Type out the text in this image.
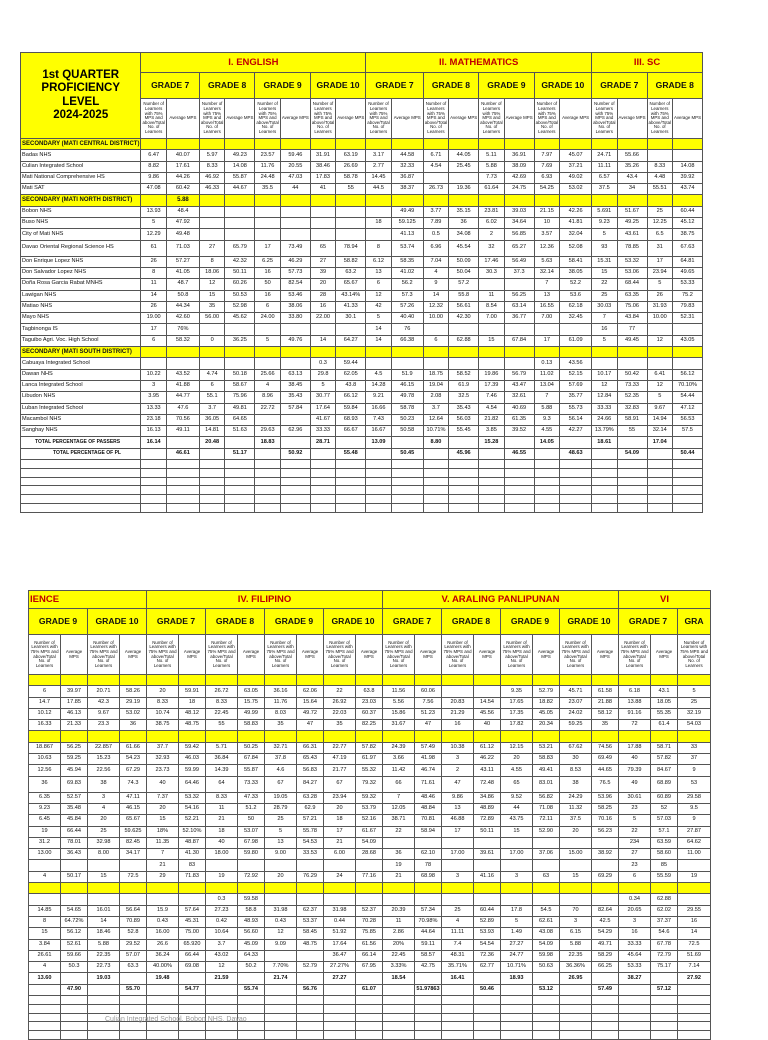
1st QUARTER
PROFICIENCY LEVEL
2024-2025	I. ENGLISH								II. MATHEMATICS								III. SC			
	GRADE 7		GRADE 8		GRADE 9		GRADE 10		GRADE 7		GRADE 8		GRADE 9		GRADE 10		GRADE 7		GRADE 8	
	Number of Learners with 75% MPS and above/Total No. of Learners	Average MPS	Number of Learners with 75% MPS and above/Total No. of Learners	Average MPS	Number of Learners with 75% MPS and above/Total No. of Learners	Average MPS	Number of Learners with 75% MPS and above/Total No. of Learners	Average MPS	Number of Learners with 75% MPS and above/Total No. of Learners	Average MPS	Number of Learners with 75% MPS and above/Total No. of Learners	Average MPS	Number of Learners with 75% MPS and above/Total No. of Learners	Average MPS	Number of Learners with 75% MPS and above/Total No. of Learners	Average MPS	Number of Learners with 75% MPS and above/Total No. of Learners	Average MPS	Number of Learners with 75% MPS and above/Total No. of Learners	Average MPS
SECONDARY (MATI CENTRAL DISTRICT)																				
Badas NHS	6.47	40.07	5.97	49.23	23.57	59.46	31.91	63.19	3.17	44.58	6.71	44.05	5.11	36.91	7.97	45.07	24.71	55.66		
Culian Integrated School	8.82	17.61	8.33	14.08	11.76	20.55	38.46	26.69	2.77	32.33	4.54	25.45	5.88	38.09	7.69	37.21	11.11	35.26	8.33	14.08
Mati National Comprehensive HS	9.86	44.26	46.92	55.87	24.48	47.03	17.83	58.78	14.45	36.87			7.73	42.69	6.93	49.02	6.57	43.4	4.48	39.92
Mati SAT	47.08	60.42	46.33	44.67	35.5	44	41	55	44.5	38.37	26.73	19.36	61.64	24.75	54.25	53.02	37.5	34	55.51	43.74
SECONDARY (MATI NORTH DISTRICT)		5.88																		
Bobon NHS	13.93	48.4								49.49	3.77	35.15	23.81	39.03	21.15	42.26	5.691	51.67	25	60.44
Buso NHS	5	47.92							18	59.125	7.89	36	6.02	34.64	10	41.81	9.23	49.25	12.25	45.12
City of Mati NHS	12.29	49.48								41.13	0.5	34.08	2	56.85	3.57	32.04	5	43.61	6.5	38.75
Davao Oriental Regional Science HS	61	71.03	27	65.79	17	73.49	65	78.94	8	53.74	6.96	45.54	32	65.27	12.36	52.08	93	78.85	31	67.63
Don Enrique Lopez NHS	26	57.27	8	42.32	6.25	46.29	27	58.82	6.12	58.35	7.04	50.09	17.46	56.49	5.63	58.41	15.31	53.32	17	64.81
Don Salvador Lopez NHS	8	41.05	18.06	50.11	16	57.73	39	63.2	13	41.02	4	50.04	30.3	37.3	32.14	38.05	15	53.06	23.94	49.65
Doña Rosa Garcia Rabat MNHS	11	48.7	12	60.26	50	82.54	20	65.67	6	56.2	9	57.2			7	52.2	22	68.44	5	53.33
Lawigan NHS	14	50.8	15	50.53	16	53.46	28	43.14%	12	57.3	14	55.8	11	56.25	13	53.6	25	63.35	26	75.2
Matiao NHS	26	44.34	35	52.98	6	38.06	16	41.33	42	57.26	12.32	56.61	8.54	63.14	16.55	62.18	30.03	75.06	31.93	79.83
Mayo NHS	19.00	42.60	56.00	45.62	24.00	33.80	22.00	30.1	5	40.40	10.00	42.30	7.00	36.77	7.00	32.45	7	43.84	10.00	52.31
Tagbinonga IS	17	76%							14	76							16	77		
Taguibo Agri. Voc. High School	6	58.32	0	36.25	5	49.76	14	64.27	14	66.38	6	62.88	15	67.84	17	61.09	5	49.45	12	43.05
SECONDARY (MATI SOUTH DISTRICT)																				
Cabuaya Integrated School							0.3	59.44							0.13	43.56				
Dawan NHS	10.22	43.52	4.74	50.18	25.66	63.13	29.8	62.05	4.5	51.9	18.75	58.52	19.86	56.79	11.02	52.15	10.17	50.42	6.41	56.12
Lanca Integrated School	3	41.88	6	58.67	4	38.45	5	43.8	14.28	46.15	19.04	61.9	17.39	43.47	13.04	57.69	12	73.33	12	70.10%
Libudon NHS	3.95	44.77	55.1	75.96	8.96	35.43	30.77	66.12	9.21	49.78	2.08	32.5	7.46	32.61	7	35.77	12.84	52.35	5	54.44
Luban Integrated School	13.33	47.6	3.7	49.81	22.72	57.84	17.64	59.84	16.66	58.78	3.7	35.43	4.54	40.69	5.88	55.73	33.33	32.83	9.67	47.12
Macambol NHS	23.18	70.56	36.05	64.65			41.67	68.93	7.43	50.23	12.64	56.03	21.82	61.35	9.3	56.14	24.66	58.91	14.94	56.53
Sanghay NHS	16.13	49.11	14.81	51.63	29.63	62.96	33.33	66.67	16.67	50.58	10.71%	55.45	3.85	39.52	4.55	42.27	13.79%	55	32.14	57.5
TOTAL PERCENTAGE OF PASSERS	16.14		20.48		18.83		28.71		13.09		8.80		15.28		14.05		18.61		17.04	
TOTAL PERCENTAGE OF PL		46.61		51.17		50.92		55.48		50.45		45.96		46.55		48.63		54.09		50.44

IENCE				IV. FILIPINO								V. ARALING PANLIPUNAN								VI		
GRADE 9		GRADE 10		GRADE 7		GRADE 8		GRADE 9		GRADE 10		GRADE 7		GRADE 8		GRADE 9		GRADE 10		GRADE 7		GRA
Number of Learners with 75% MPS and above/Total No. of Learners	Average MPS	Number of Learners with 75% MPS and above/Total No. of Learners	Average MPS	Number of Learners with 75% MPS and above/Total No. of Learners	Average MPS	Number of Learners with 75% MPS and above/Total No. of Learners	Average MPS	Number of Learners with 75% MPS and above/Total No. of Learners	Average MPS	Number of Learners with 75% MPS and above/Total No. of Learners	Average MPS	Number of Learners with 75% MPS and above/Total No. of Learners	Average MPS	Number of Learners with 75% MPS and above/Total No. of Learners	Average MPS	Number of Learners with 75% MPS and above/Total No. of Learners	Average MPS	Number of Learners with 75% MPS and above/Total No. of Learners	Average MPS	Number of Learners with 75% MPS and above/Total No. of Learners	Average MPS	Number of Learners with 75% MPS and above/Total No. of Learners

6	39.97	20.71	58.26	20	59.91	26.72	63.05	36.16	62.06	22	63.8	11.56	60.06			9.35	52.79	45.71	61.58	6.18	43.1	5
14.7	17.85	42.3	29.19	8.33	18	8.33	15.75	11.76	15.64	26.92	23.03	5.56	7.56	20.83	14.54	17.65	18.82	23.07	21.88	13.88	18.05	25
10.12	46.13	9.67	53.02	10.74	48.12	22.45	49.99	8.03	49.72	22.03	60.37	15.86	51.23	21.29	45.56	17.35	45.05	24.02	58.12	91.16	55.35	32.19
16.33	21.33	23.3	36	38.75	48.75	55	58.83	35	47	35	82.25	31.67	47	16	40	17.82	20.34	59.25	35	72	61.4	54.03

18.867	56.25	22.857	61.66	37.7	59.42	5.71	50.25	32.71	66.31	22.77	57.82	24.39	57.49	10.38	61.12	12.15	53.21	67.62	74.56	17.88	58.71	33
10.63	59.25	15.23	54.23	32.93	46.03	36.84	67.84	37.8	65.43	47.19	61.97	3.66	41.98	3	46.22	20	58.83	30	69.49	40	57.82	37
12.56	45.94	22.56	67.29	23.73	59.99	14.39	55.87	4.6	56.83	21.77	55.32	11.42	46.74	2	43.11	4.55	49.41	8.53	44.65	79.39	84.67	9
36	69.83	38	74.3	40	64.46	64	73.33	67	84.27	67	79.32	66	71.61	47	72.48	65	83.01	38	76.5	49	68.89	53
6.35	52.57	3	47.11	7.37	53.32	8.33	47.33	19.05	63.28	23.94	59.32	7	48.46	9.86	34.86	9.52	56.82	24.29	53.96	30.61	60.89	29.58
9.23	35.48	4	46.15	20	54.16	11	51.2	28.79	62.9	20	53.79	12.05	48.84	13	48.89	44	71.08	11.32	58.25	23	52	9.5
6.45	45.84	20	65.67	15	52.21	21	50	25	57.21	18	52.16	38.71	70.81	46.88	72.89	43.75	72.11	37.5	70.16	5	57.03	9
19	66.44	25	59.625	18%	52.10%	18	53.07	5	55.78	17	61.67	22	58.94	17	50.11	15	52.90	20	56.23	22	57.1	27.87
31.2	78.01	32.98	82.45	11.35	48.87	40	67.98	13	54.53	21	54.09									234	63.59	64.62
13.00	36.43	8.00	34.17	7	41.30	18.00	59.80	9.00	33.53	6.00	28.68	36	62.10	17.00	39.61	17.00	37.06	15.00	38.92	27	58.60	11.00
				21	83							19	78							23	85	
4	50.17	15	72.5	29	71.83	19	72.92	20	76.29	24	77.16	21	68.98	3	41.16	3	63	15	69.29	6	55.59	19

						0.3	59.58													0.34	62.88	
14.85	54.65	16.01	56.64	15.9	57.64	27.23	58.8	31.98	62.37	31.98	52.37	20.39	57.34	25	60.44	17.8	54.5	70	82.64	20.65	62.02	29.55
8	64.72%	14	70.89	0.43	45.31	0.42	48.93	0.43	53.37	0.44	70.28	11	70.98%	4	52.89	5	62.61	3	42.5	3	37.37	16
15	56.12	18.46	52.8	16.00	75.00	10.64	56.60	12	58.45	51.92	75.85	2.86	44.64	11.11	53.93	1.49	43.08	6.15	54.29	16	54.6	14
3.84	52.61	5.88	29.52	26.6	65.920	3.7	45.09	9.09	48.75	17.64	61.56	20%	59.11	7.4	54.54	27.27	54.09	5.88	49.71	33.33	67.78	72.5
26.61	59.66	22.35	57.07	36.24	66.44	43.02	64.33			36.47	66.14	22.45	58.57	48.31	72.36	24.77	59.98	22.35	58.29	45.64	72.79	51.69
4	50.3	22.73	63.3	40.00%	69.08	12	50.2	7.70%	52.79	27.27%	67.95	3.33%	42.75	35.71%	62.77	10.71%	50.63	36.36%	66.25	53.33	75.17	7.14
13.60		19.03		19.48		21.59		21.74		27.27		18.54		16.41		18.93		26.95		38.27		27.92
	47.90		55.70		54.77		55.74		56.76		61.07		51.97863		50.46		53.12		57.49		57.12	

Culian Integrated School, Bobon NHS, Davao
